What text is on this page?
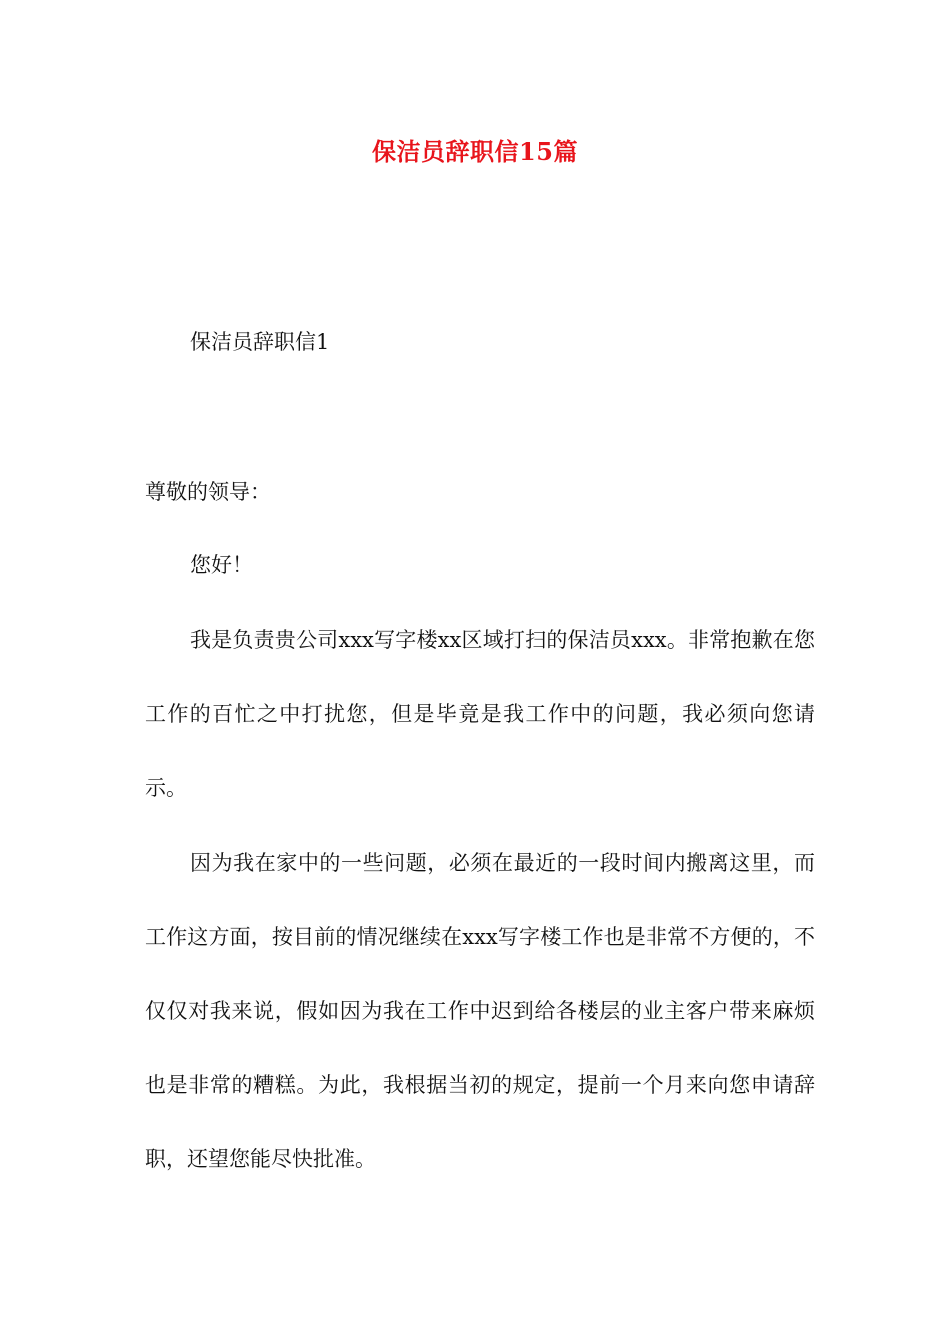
保洁员辞职信15篇
保洁员辞职信1
尊敬的领导：
您好！

我是负责贵公司xxx写字楼xx区域打扫的保洁员xxx。非常抱歉在您工作的百忙之中打扰您，但是毕竟是我工作中的问题，我必须向您请示。

因为我在家中的一些问题，必须在最近的一段时间内搬离这里，而工作这方面，按目前的情况继续在xxx写字楼工作也是非常不方便的，不仅仅对我来说，假如因为我在工作中迟到给各楼层的业主客户带来麻烦也是非常的糟糕。为此，我根据当初的规定，提前一个月来向您申请辞职，还望您能尽快批准。
